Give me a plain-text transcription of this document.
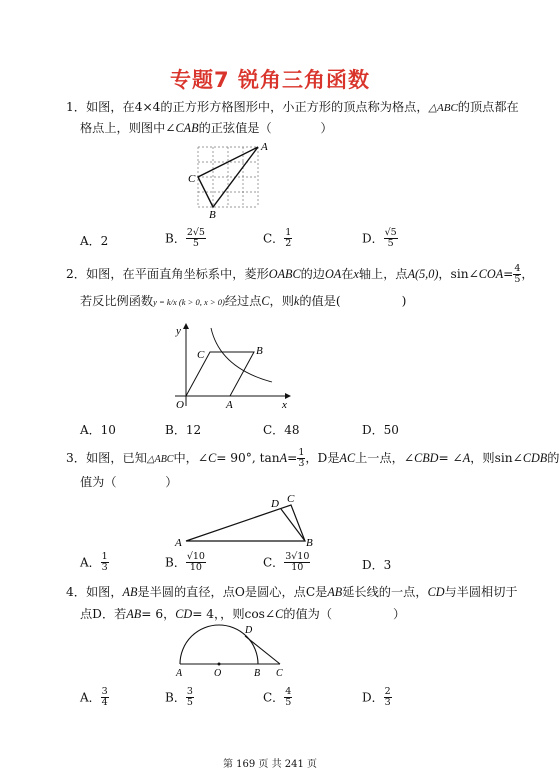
专题7 锐角三角函数
1．如图，在4×4的正方形方格图形中，小正方形的顶点称为格点，△ABC的顶点都在
格点上，则图中∠CAB的正弦值是（　　　　）
A
C
B
A．2	B． $\frac{2√5}{5}$	C． $\frac{1}{2}$	D． $\frac{√5}{5}$
2．如图，在平面直角坐标系中，菱形OABC的边OA在x轴上，点A(5,0)，sin∠COA= $\frac{4}{5}$ ，
若反比例函数y = k/x (k > 0, x > 0)经过点C，则k的值是(　　　　　)
y
x
O	A
B
C
A．10	B．12	C．48	D．50
3．如图，已知△ABC中，∠C= 90°, $\tan A= \frac{1}{3}$ ，D是AC上一点，∠CBD= ∠A，则sin∠CDB的
值为（　　　　）
A	B
C
D
A． $\frac{1}{3}$	B． $\frac{√10}{10}$	C． $\frac{3√10}{10}$	D．3
4．如图，AB是半圆的直径，点O是圆心，点C是AB延长线的一点，CD与半圆相切于
点D．若AB= 6，CD= 4，，则cos∠C的值为（　　　　　）
A	O	B C
D
A． $\frac{3}{4}$	B． $\frac{3}{5}$	C． $\frac{4}{5}$	D． $\frac{2}{3}$
第 169 页 共 241 页
